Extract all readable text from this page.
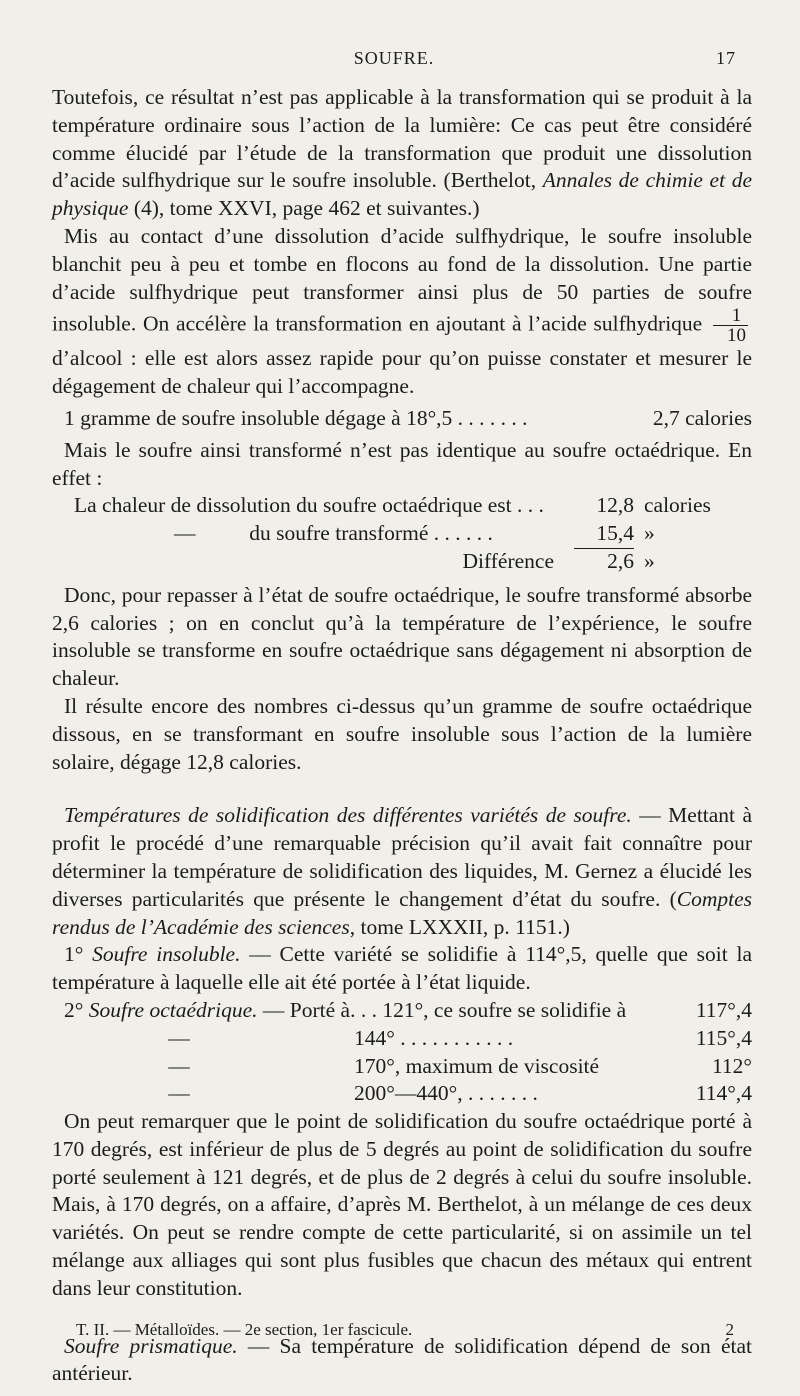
SOUFRE.	17

Toutefois, ce résultat n’est pas applicable à la transformation qui se produit à la température ordinaire sous l’action de la lumière: Ce cas peut être considéré comme élucidé par l’étude de la transformation que produit une dissolution d’acide sulfhydrique sur le soufre insoluble. (Berthelot, Annales de chimie et de physique (4), tome XXVI, page 462 et suivantes.)

Mis au contact d’une dissolution d’acide sulfhydrique, le soufre insoluble blanchit peu à peu et tombe en flocons au fond de la dissolution. Une partie d’acide sulfhydrique peut transformer ainsi plus de 50 parties de soufre insoluble. On accélère la transformation en ajoutant à l’acide sulfhydrique $\frac{1}{10}$
d’alcool : elle est alors assez rapide pour qu’on puisse constater et mesurer le dégagement de chaleur qui l’accompagne.

1 gramme de soufre insoluble dégage à 18°,5 . . . . . . .	2,7 calories

Mais le soufre ainsi transformé n’est pas identique au soufre octaédrique. En effet :

La chaleur de dissolution du soufre octaédrique est . . .	12,8 calories
—          du soufre transformé . . . . . .	15,4 »
Différence	2,6 »

Donc, pour repasser à l’état de soufre octaédrique, le soufre transformé absorbe 2,6 calories ; on en conclut qu’à la température de l’expérience, le soufre insoluble se transforme en soufre octaédrique sans dégagement ni absorption de chaleur.

Il résulte encore des nombres ci-dessus qu’un gramme de soufre octaédrique dissous, en se transformant en soufre insoluble sous l’action de la lumière solaire, dégage 12,8 calories.

Températures de solidification des différentes variétés de soufre. — Mettant à profit le procédé d’une remarquable précision qu’il avait fait connaître pour déterminer la température de solidification des liquides, M. Gernez a élucidé les diverses particularités que présente le changement d’état du soufre. (Comptes rendus de l’Académie des sciences, tome LXXXII, p. 1151.)

1° Soufre insoluble. — Cette variété se solidifie à 114°,5, quelle que soit la température à laquelle elle ait été portée à l’état liquide.

2° Soufre octaédrique. — Porté à. . . 121°, ce soufre se solidifie à	117°,4
—	144° . . . . . . . . . . .	115°,4
—	170°, maximum de viscosité	112°
—	200°—440°, . . . . . . .	114°,4

On peut remarquer que le point de solidification du soufre octaédrique porté à 170 degrés, est inférieur de plus de 5 degrés au point de solidification du soufre porté seulement à 121 degrés, et de plus de 2 degrés à celui du soufre insoluble. Mais, à 170 degrés, on a affaire, d’après M. Berthelot, à un mélange de ces deux variétés. On peut se rendre compte de cette particularité, si on assimile un tel mélange aux alliages qui sont plus fusibles que chacun des métaux qui entrent dans leur constitution.

Soufre prismatique. — Sa température de solidification dépend de son état antérieur.

T. II. — Métalloïdes. — 2e section, 1er fascicule.	2
